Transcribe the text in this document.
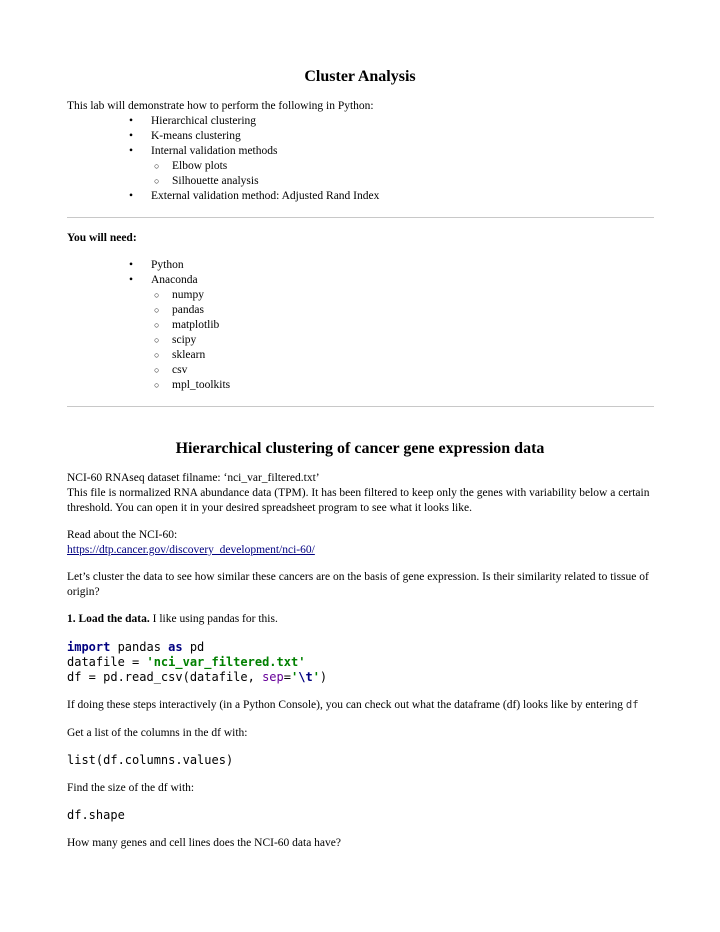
Cluster Analysis

This lab will demonstrate how to perform the following in Python:

• Hierarchical clustering
• K-means clustering
• Internal validation methods
○ Elbow plots
○ Silhouette analysis
• External validation method: Adjusted Rand Index

You will need:

• Python
• Anaconda
○ numpy
○ pandas
○ matplotlib
○ scipy
○ sklearn
○ csv
○ mpl_toolkits
Hierarchical clustering of cancer gene expression data

NCI-60 RNAseq dataset filname: ‘nci_var_filtered.txt’

This file is normalized RNA abundance data (TPM). It has been filtered to keep only the genes with variability below a certain threshold. You can open it in your desired spreadsheet program to see what it looks like.

Read about the NCI-60:

https://dtp.cancer.gov/discovery_development/nci-60/

Let’s cluster the data to see how similar these cancers are on the basis of gene expression. Is their similarity related to tissue of origin?

1. Load the data. I like using pandas for this.

import pandas as pd
datafile = 'nci_var_filtered.txt'
df = pd.read_csv(datafile, sep='\t')

If doing these steps interactively (in a Python Console), you can check out what the dataframe (df) looks like by entering df

Get a list of the columns in the df with:

list(df.columns.values)

Find the size of the df with:

df.shape

How many genes and cell lines does the NCI-60 data have?
